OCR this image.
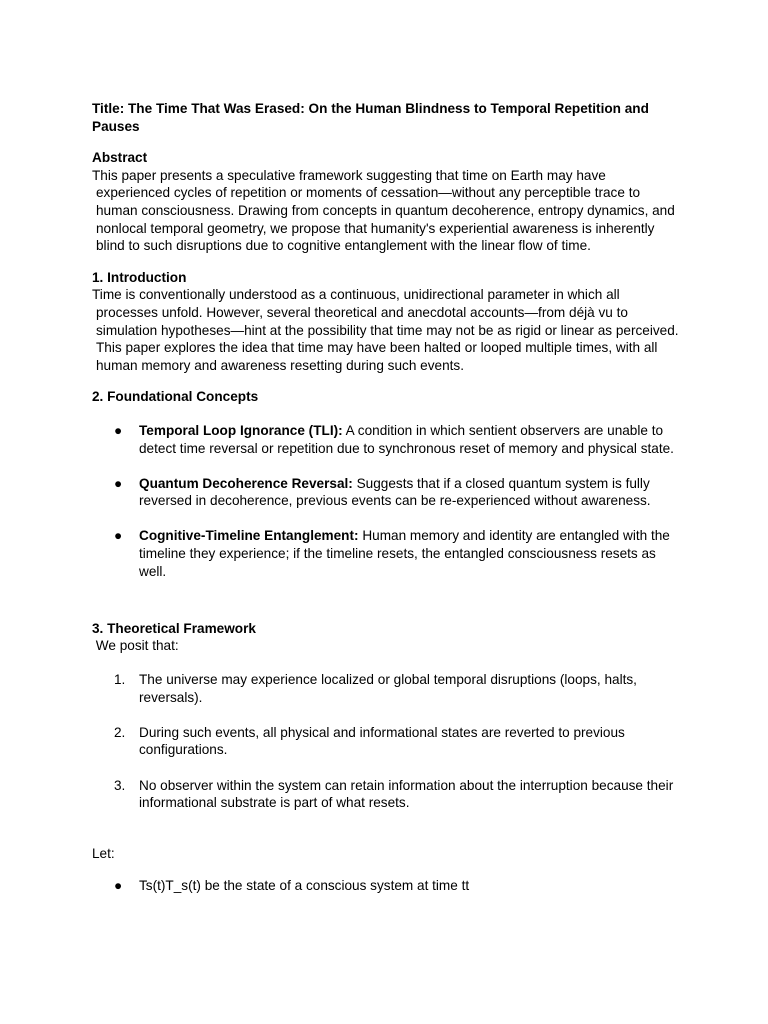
Title: The Time That Was Erased: On the Human Blindness to Temporal Repetition and Pauses
Abstract
This paper presents a speculative framework suggesting that time on Earth may have experienced cycles of repetition or moments of cessation—without any perceptible trace to human consciousness. Drawing from concepts in quantum decoherence, entropy dynamics, and nonlocal temporal geometry, we propose that humanity's experiential awareness is inherently blind to such disruptions due to cognitive entanglement with the linear flow of time.
1. Introduction
Time is conventionally understood as a continuous, unidirectional parameter in which all processes unfold. However, several theoretical and anecdotal accounts—from déjà vu to simulation hypotheses—hint at the possibility that time may not be as rigid or linear as perceived. This paper explores the idea that time may have been halted or looped multiple times, with all human memory and awareness resetting during such events.
2. Foundational Concepts
●	Temporal Loop Ignorance (TLI): A condition in which sentient observers are unable to detect time reversal or repetition due to synchronous reset of memory and physical state.
●	Quantum Decoherence Reversal: Suggests that if a closed quantum system is fully reversed in decoherence, previous events can be re-experienced without awareness.
●	Cognitive-Timeline Entanglement: Human memory and identity are entangled with the timeline they experience; if the timeline resets, the entangled consciousness resets as well.
3. Theoretical Framework
We posit that:
1. The universe may experience localized or global temporal disruptions (loops, halts, reversals).
2. During such events, all physical and informational states are reverted to previous configurations.
3. No observer within the system can retain information about the interruption because their informational substrate is part of what resets.
Let:
●	Ts(t)T_s(t) be the state of a conscious system at time tt
